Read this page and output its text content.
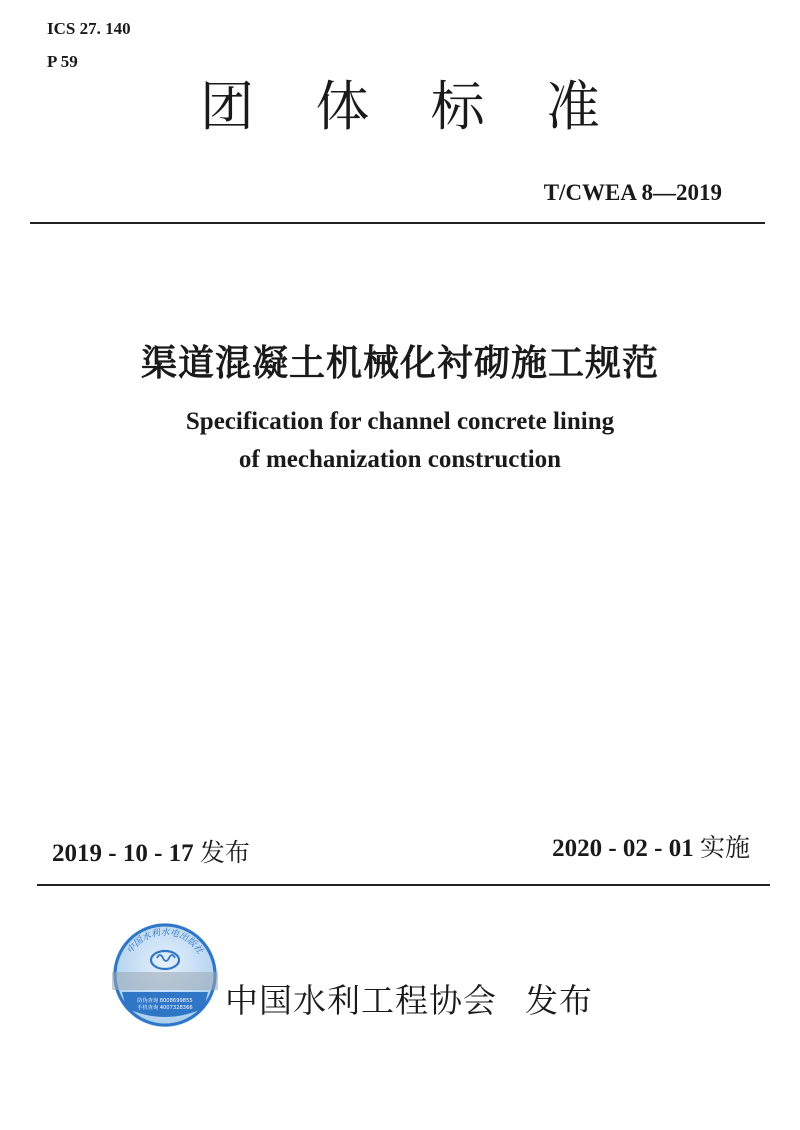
ICS 27. 140
P 59
团 体 标 准
T/CWEA 8—2019
渠道混凝土机械化衬砌施工规范
Specification for channel concrete lining
of mechanization construction
2019 - 10 - 17 发布	2020 - 02 - 01 实施
中国水利水电出版社
防伪查询 8008699855
手机查询 4007328366 中国水利工程协会 发布
